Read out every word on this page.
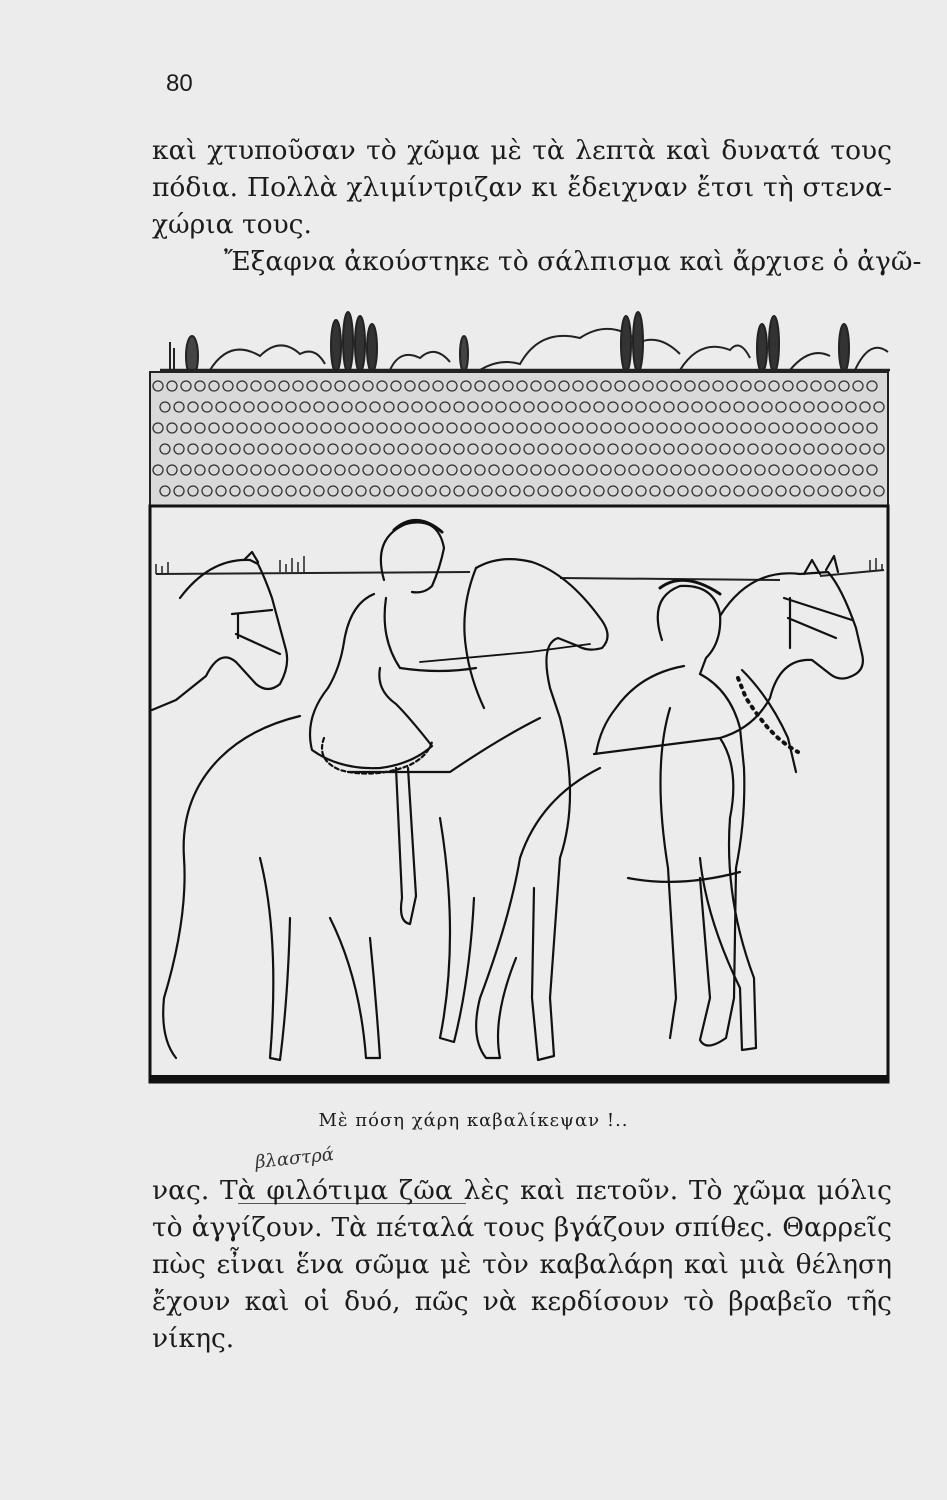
80
καὶ χτυποῦσαν τὸ χῶμα μὲ τὰ λεπτὰ καὶ δυνατά τους
πόδια. Πολλὰ χλιμίντριζαν κι ἔδειχναν ἔτσι τὴ στενα-
χώρια τους.
Ἔξαφνα ἀκούστηκε τὸ σάλπισμα καὶ ἄρχισε ὁ ἀγῶ-
Μὲ πόση χάρη καβαλίκεψαν !..
βλαστρά
νας. Τὰ φιλότιμα ζῶα λὲς καὶ πετοῦν. Τὸ χῶμα μόλις
τὸ ἀγγίζουν. Τὰ πέταλά τους βγάζουν σπίθες. Θαρρεῖς
πὼς εἶναι ἕνα σῶμα μὲ τὸν καβαλάρη καὶ μιὰ θέληση
ἔχουν καὶ οἱ δυό, πῶς νὰ κερδίσουν τὸ βραβεῖο τῆς
νίκης.
